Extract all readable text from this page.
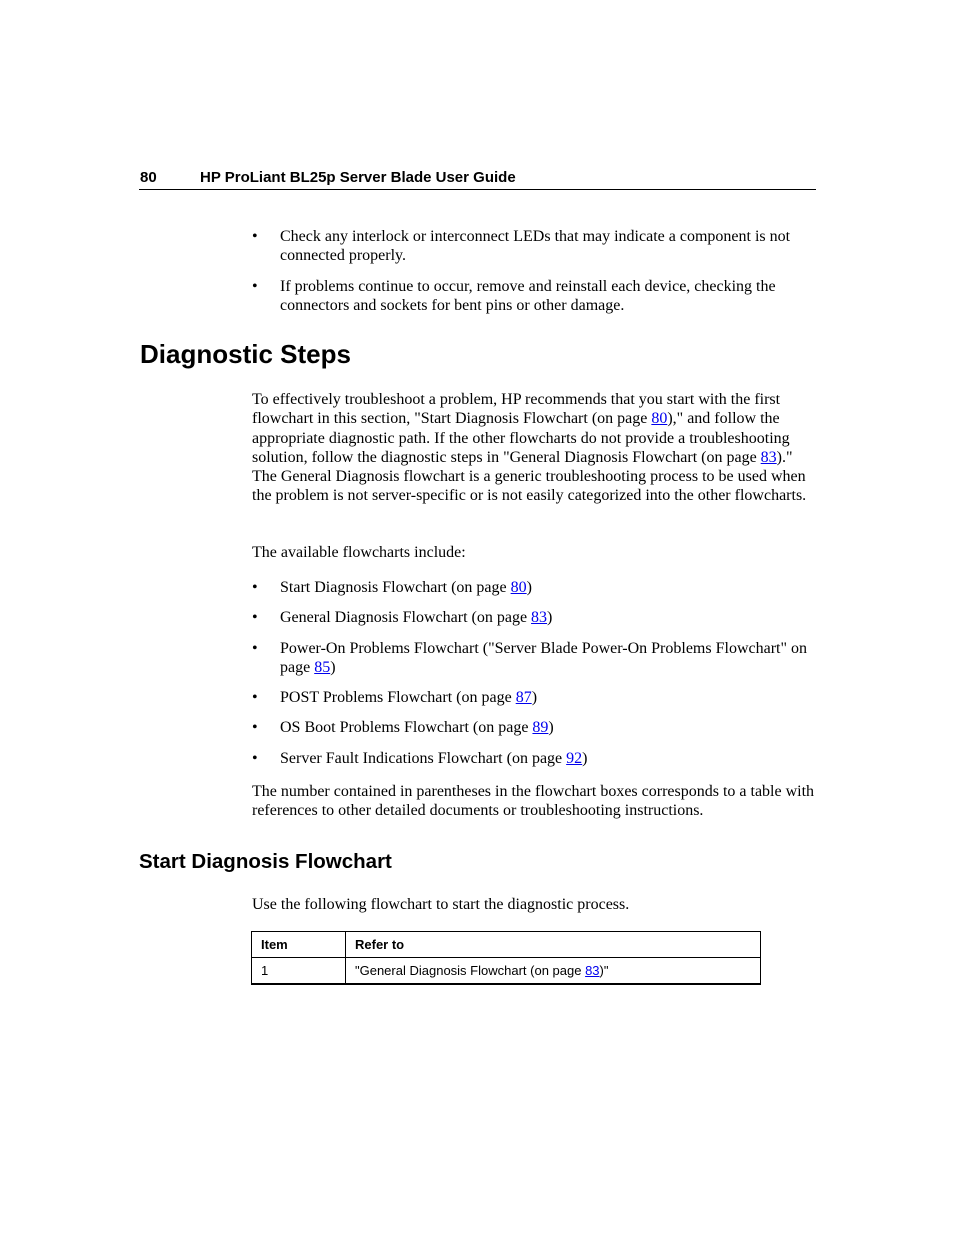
80	HP ProLiant BL25p Server Blade User Guide
• Check any interlock or interconnect LEDs that may indicate a component is not connected properly.
• If problems continue to occur, remove and reinstall each device, checking the connectors and sockets for bent pins or other damage.
Diagnostic Steps
To effectively troubleshoot a problem, HP recommends that you start with the first flowchart in this section, "Start Diagnosis Flowchart (on page 80)," and follow the appropriate diagnostic path. If the other flowcharts do not provide a troubleshooting solution, follow the diagnostic steps in "General Diagnosis Flowchart (on page 83)." The General Diagnosis flowchart is a generic troubleshooting process to be used when the problem is not server-specific or is not easily categorized into the other flowcharts.
The available flowcharts include:
• Start Diagnosis Flowchart (on page 80)
• General Diagnosis Flowchart (on page 83)
• Power-On Problems Flowchart ("Server Blade Power-On Problems Flowchart" on page 85)
• POST Problems Flowchart (on page 87)
• OS Boot Problems Flowchart (on page 89)
• Server Fault Indications Flowchart (on page 92)
The number contained in parentheses in the flowchart boxes corresponds to a table with references to other detailed documents or troubleshooting instructions.
Start Diagnosis Flowchart
Use the following flowchart to start the diagnostic process.
Item	Refer to
1	"General Diagnosis Flowchart (on page 83)"
